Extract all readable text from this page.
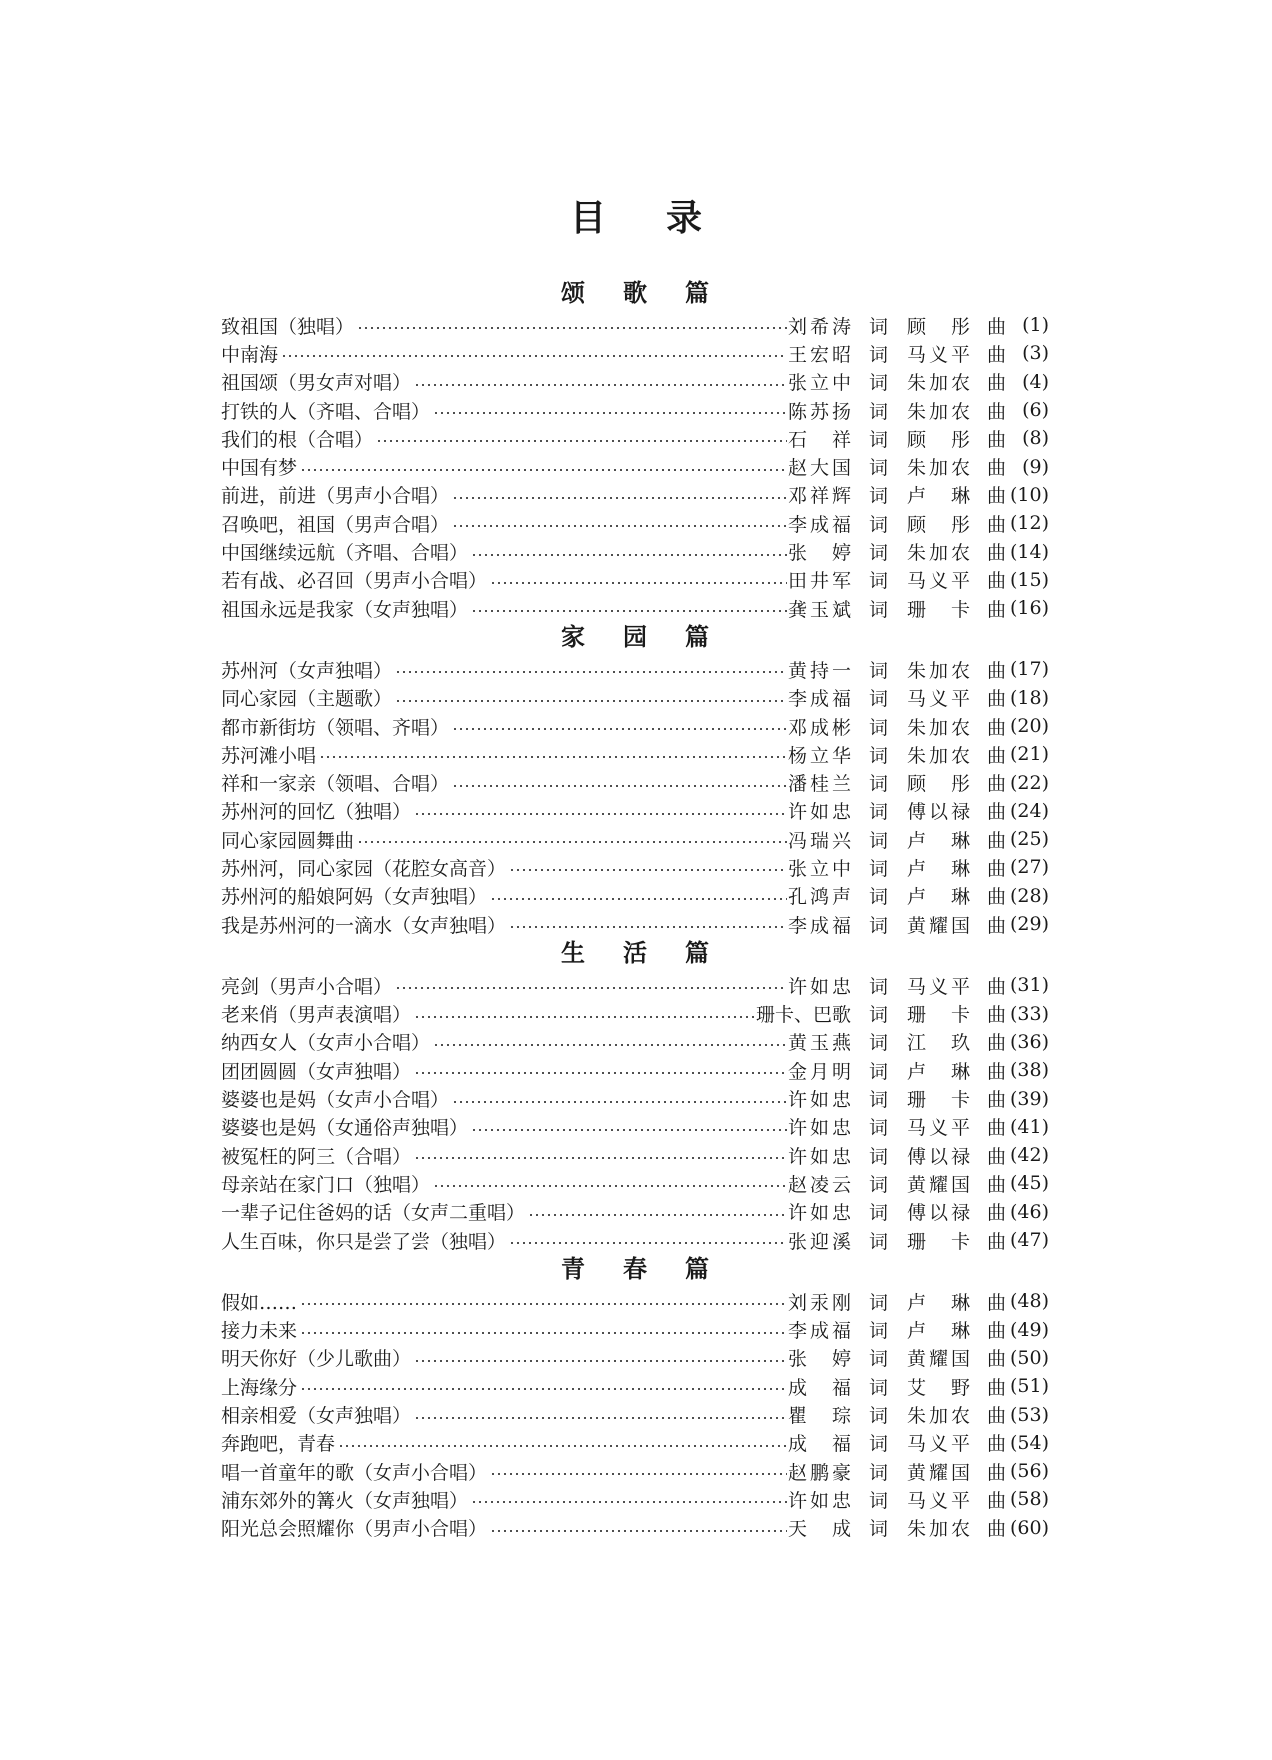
目录
颂歌篇
致祖国（独唱）	刘希涛 词 顾彤 曲 (1)
中南海	王宏昭 词 马义平 曲 (3)
祖国颂（男女声对唱）	张立中 词 朱加农 曲 (4)
打铁的人（齐唱、合唱）	陈苏扬 词 朱加农 曲 (6)
我们的根（合唱）	石祥 词 顾彤 曲 (8)
中国有梦	赵大国 词 朱加农 曲 (9)
前进，前进（男声小合唱）	邓祥辉 词 卢琳 曲 (10)
召唤吧，祖国（男声合唱）	李成福 词 顾彤 曲 (12)
中国继续远航（齐唱、合唱）	张婷 词 朱加农 曲 (14)
若有战、必召回（男声小合唱）	田井军 词 马义平 曲 (15)
祖国永远是我家（女声独唱）	龚玉斌 词 珊卡 曲 (16)
家园篇
苏州河（女声独唱）	黄持一 词 朱加农 曲 (17)
同心家园（主题歌）	李成福 词 马义平 曲 (18)
都市新街坊（领唱、齐唱）	邓成彬 词 朱加农 曲 (20)
苏河滩小唱	杨立华 词 朱加农 曲 (21)
祥和一家亲（领唱、合唱）	潘桂兰 词 顾彤 曲 (22)
苏州河的回忆（独唱）	许如忠 词 傅以禄 曲 (24)
同心家园圆舞曲	冯瑞兴 词 卢琳 曲 (25)
苏州河，同心家园（花腔女高音）	张立中 词 卢琳 曲 (27)
苏州河的船娘阿妈（女声独唱）	孔鸿声 词 卢琳 曲 (28)
我是苏州河的一滴水（女声独唱）	李成福 词 黄耀国 曲 (29)
生活篇
亮剑（男声小合唱）	许如忠 词 马义平 曲 (31)
老来俏（男声表演唱）	珊卡、巴歌 词 珊卡 曲 (33)
纳西女人（女声小合唱）	黄玉燕 词 江玖 曲 (36)
团团圆圆（女声独唱）	金月明 词 卢琳 曲 (38)
婆婆也是妈（女声小合唱）	许如忠 词 珊卡 曲 (39)
婆婆也是妈（女通俗声独唱）	许如忠 词 马义平 曲 (41)
被冤枉的阿三（合唱）	许如忠 词 傅以禄 曲 (42)
母亲站在家门口（独唱）	赵凌云 词 黄耀国 曲 (45)
一辈子记住爸妈的话（女声二重唱）	许如忠 词 傅以禄 曲 (46)
人生百味，你只是尝了尝（独唱）	张迎溪 词 珊卡 曲 (47)
青春篇
假如……	刘汞刚 词 卢琳 曲 (48)
接力未来	李成福 词 卢琳 曲 (49)
明天你好（少儿歌曲）	张婷 词 黄耀国 曲 (50)
上海缘分	成福 词 艾野 曲 (51)
相亲相爱（女声独唱）	瞿琮 词 朱加农 曲 (53)
奔跑吧，青春	成福 词 马义平 曲 (54)
唱一首童年的歌（女声小合唱）	赵鹏豪 词 黄耀国 曲 (56)
浦东郊外的篝火（女声独唱）	许如忠 词 马义平 曲 (58)
阳光总会照耀你（男声小合唱）	天成 词 朱加农 曲 (60)
